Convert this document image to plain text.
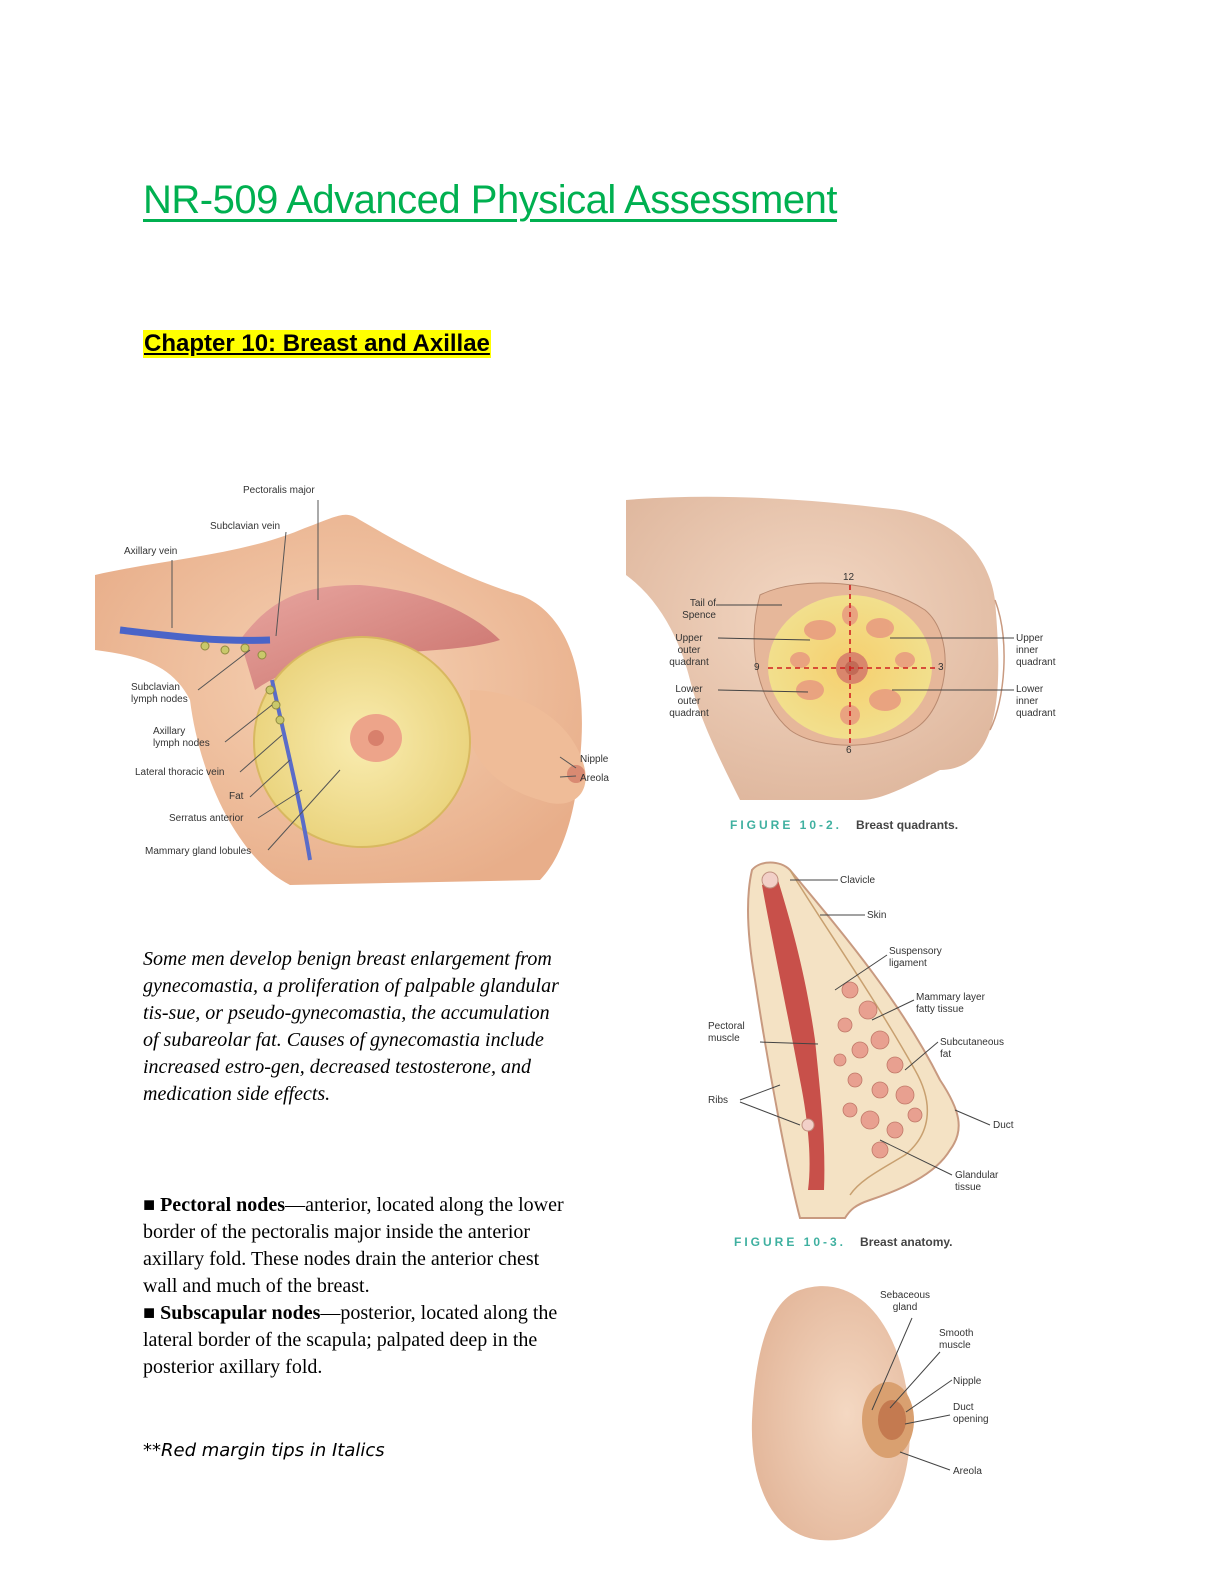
NR-509 Advanced Physical Assessment
Chapter 10: Breast and Axillae
Pectoralis major
Subclavian vein
Axillary vein
Subclavian
lymph nodes
Axillary
lymph nodes
Lateral thoracic vein
Fat
Serratus anterior
Mammary gland lobules
Nipple
Areola
Tail of
Spence
Upper
outer
quadrant
Lower
outer
quadrant
Upper
inner
quadrant
Lower
inner
quadrant
12
3
6
9
FIGURE 10-2. Breast quadrants.
Clavicle
Skin
Suspensory
ligament
Mammary layer
fatty tissue
Pectoral
muscle	Subcutaneous
fat
Ribs
Duct
Glandular
tissue
FIGURE 10-3. Breast anatomy.
Sebaceous
gland
Smooth
muscle
Nipple
Duct
opening
Areola
Some men develop benign breast enlargement from gynecomastia, a proliferation of palpable glandular tis-sue, or pseudo-gynecomastia, the accumulation of subareolar fat. Causes of gynecomastia include increased estro-gen, decreased testosterone, and medication side effects.
■ Pectoral nodes—anterior, located along the lower border of the pectoralis major inside the anterior axillary fold. These nodes drain the anterior chest wall and much of the breast.
■ Subscapular nodes—posterior, located along the lateral border of the scapula; palpated deep in the posterior axillary fold.
**Red margin tips in Italics
